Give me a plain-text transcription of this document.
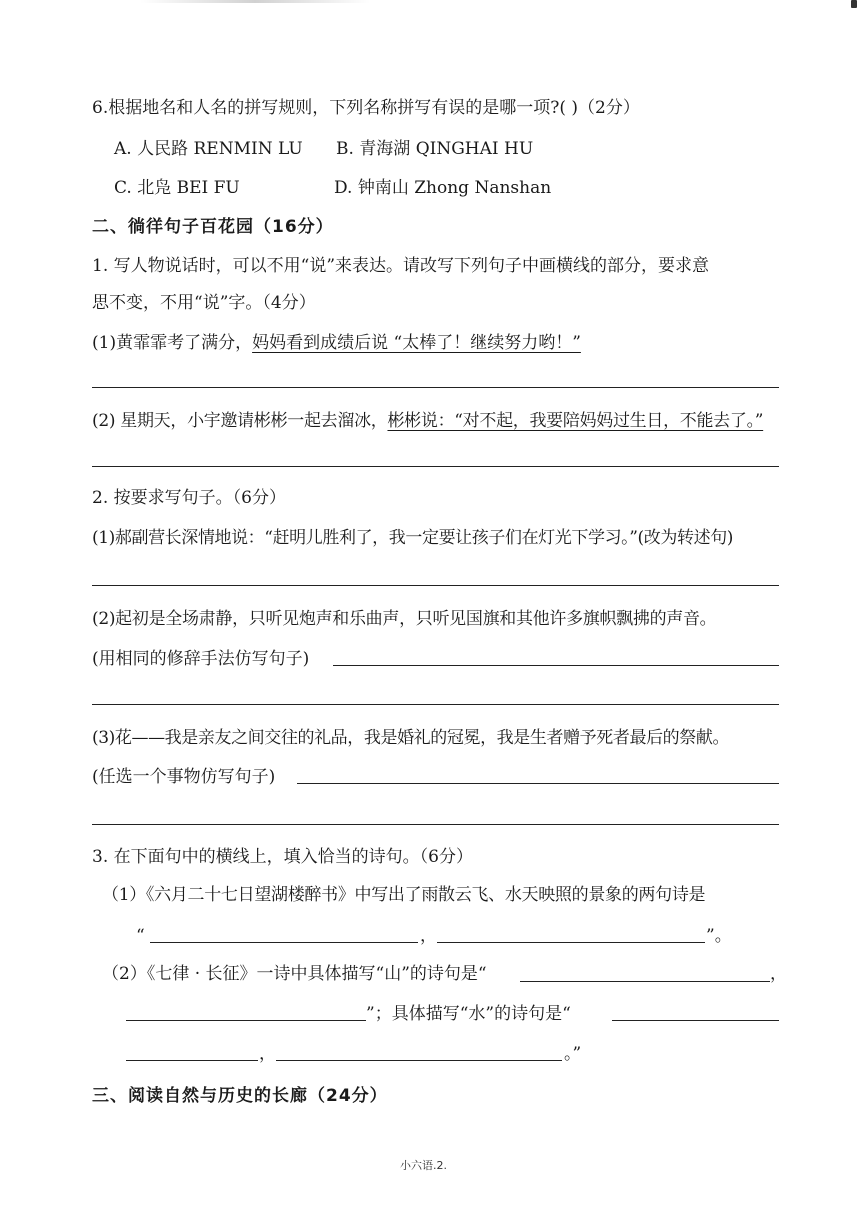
6.根据地名和人名的拼写规则，下列名称拼写有误的是哪一项?( )（2分）
A. 人民路 RENMIN LU B. 青海湖 QINGHAI HU
C. 北凫 BEI FU	D. 钟南山 Zhong Nanshan
二、徜徉句子百花园（16分）
1. 写人物说话时，可以不用“说”来表达。请改写下列句子中画横线的部分，要求意
思不变，不用“说”字。（4分）
(1)黄霏霏考了满分，妈妈看到成绩后说 “太棒了！继续努力哟！”
(2) 星期天，小宇邀请彬彬一起去溜冰，彬彬说：“对不起，我要陪妈妈过生日，不能去了。”
2. 按要求写句子。（6分）
(1)郝副营长深情地说：“赶明儿胜利了，我一定要让孩子们在灯光下学习。”(改为转述句)
(2)起初是全场肃静，只听见炮声和乐曲声，只听见国旗和其他许多旗帜飘拂的声音。
(用相同的修辞手法仿写句子)
(3)花——我是亲友之间交往的礼品，我是婚礼的冠冕，我是生者赠予死者最后的祭献。
(任选一个事物仿写句子)
3. 在下面句中的横线上，填入恰当的诗句。（6分）
（1）《六月二十七日望湖楼醉书》中写出了雨散云飞、水天映照的景象的两句诗是
“	，	”。
（2）《七律 · 长征》一诗中具体描写“山”的诗句是“	，
”；具体描写“水”的诗句是“
，	。”
三、阅读自然与历史的长廊（24分）
小六语.2.
